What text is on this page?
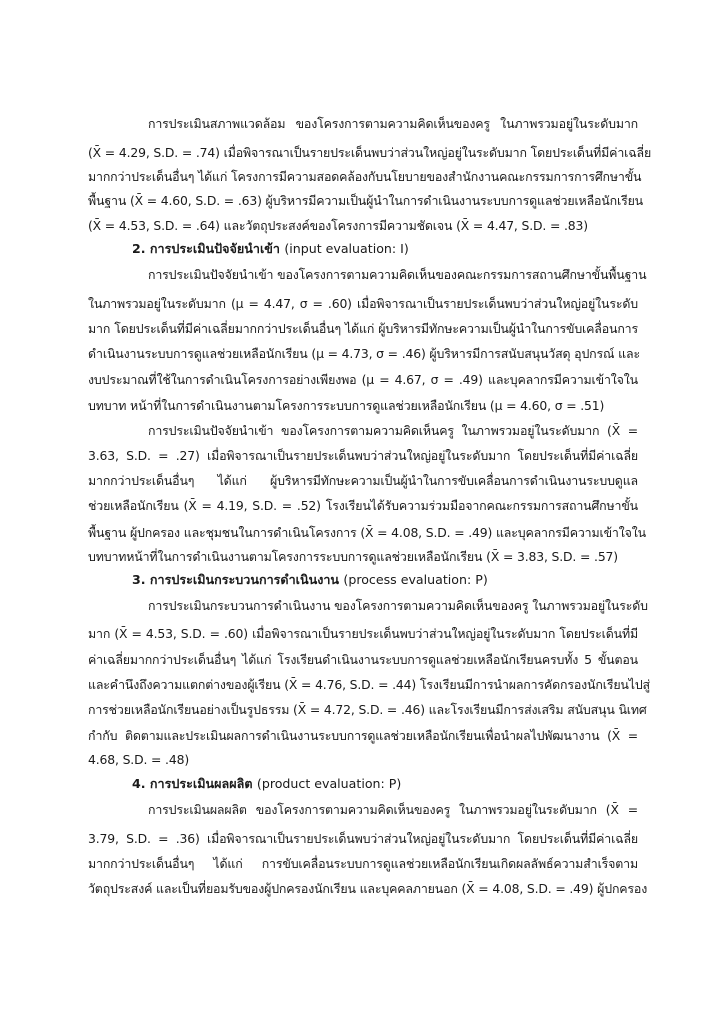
การประเมินสภาพแวดล้อม ของโครงการตามความคิดเห็นของครู ในภาพรวมอยู่ในระดับมาก
(X̄ = 4.29, S.D. = .74) เมื่อพิจารณาเป็นรายประเด็นพบว่าส่วนใหญ่อยู่ในระดับมาก โดยประเด็นที่มีค่าเฉลี่ย
มากกว่าประเด็นอื่นๆ ได้แก่ โครงการมีความสอดคล้องกับนโยบายของสำนักงานคณะกรรมการการศึกษาขั้น
พื้นฐาน (X̄ = 4.60, S.D. = .63) ผู้บริหารมีความเป็นผู้นำในการดำเนินงานระบบการดูแลช่วยเหลือนักเรียน
(X̄ = 4.53, S.D. = .64) และวัตถุประสงค์ของโครงการมีความชัดเจน (X̄ = 4.47, S.D. = .83)
2. การประเมินปัจจัยนำเข้า (input evaluation: I)
การประเมินปัจจัยนำเข้า ของโครงการตามความคิดเห็นของคณะกรรมการสถานศึกษาขั้นพื้นฐาน
ในภาพรวมอยู่ในระดับมาก (μ = 4.47, σ = .60) เมื่อพิจารณาเป็นรายประเด็นพบว่าส่วนใหญ่อยู่ในระดับ
มาก โดยประเด็นที่มีค่าเฉลี่ยมากกว่าประเด็นอื่นๆ ได้แก่ ผู้บริหารมีทักษะความเป็นผู้นำในการขับเคลื่อนการ
ดำเนินงานระบบการดูแลช่วยเหลือนักเรียน (μ = 4.73, σ = .46) ผู้บริหารมีการสนับสนุนวัสดุ อุปกรณ์ และ
งบประมาณที่ใช้ในการดำเนินโครงการอย่างเพียงพอ (μ = 4.67, σ = .49) และบุคลากรมีความเข้าใจใน
บทบาท หน้าที่ในการดำเนินงานตามโครงการระบบการดูแลช่วยเหลือนักเรียน (μ = 4.60, σ = .51)
การประเมินปัจจัยนำเข้า ของโครงการตามความคิดเห็นครู ในภาพรวมอยู่ในระดับมาก (X̄ =
3.63, S.D. = .27) เมื่อพิจารณาเป็นรายประเด็นพบว่าส่วนใหญ่อยู่ในระดับมาก โดยประเด็นที่มีค่าเฉลี่ย
มากกว่าประเด็นอื่นๆ ได้แก่ ผู้บริหารมีทักษะความเป็นผู้นำในการขับเคลื่อนการดำเนินงานระบบดูแล
ช่วยเหลือนักเรียน (X̄ = 4.19, S.D. = .52) โรงเรียนได้รับความร่วมมือจากคณะกรรมการสถานศึกษาขั้น
พื้นฐาน ผู้ปกครอง และชุมชนในการดำเนินโครงการ (X̄ = 4.08, S.D. = .49) และบุคลากรมีความเข้าใจใน
บทบาทหน้าที่ในการดำเนินงานตามโครงการระบบการดูแลช่วยเหลือนักเรียน (X̄ = 3.83, S.D. = .57)
3. การประเมินกระบวนการดำเนินงาน (process evaluation: P)
การประเมินกระบวนการดำเนินงาน ของโครงการตามความคิดเห็นของครู ในภาพรวมอยู่ในระดับ
มาก (X̄ = 4.53, S.D. = .60) เมื่อพิจารณาเป็นรายประเด็นพบว่าส่วนใหญ่อยู่ในระดับมาก โดยประเด็นที่มี
ค่าเฉลี่ยมากกว่าประเด็นอื่นๆ ได้แก่ โรงเรียนดำเนินงานระบบการดูแลช่วยเหลือนักเรียนครบทั้ง 5 ขั้นตอน
และคำนึงถึงความแตกต่างของผู้เรียน (X̄ = 4.76, S.D. = .44) โรงเรียนมีการนำผลการคัดกรองนักเรียนไปสู่
การช่วยเหลือนักเรียนอย่างเป็นรูปธรรม (X̄ = 4.72, S.D. = .46) และโรงเรียนมีการส่งเสริม สนับสนุน นิเทศ
กำกับ ติดตามและประเมินผลการดำเนินงานระบบการดูแลช่วยเหลือนักเรียนเพื่อนำผลไปพัฒนางาน (X̄ =
4.68, S.D. = .48)
4. การประเมินผลผลิต (product evaluation: P)
การประเมินผลผลิต ของโครงการตามความคิดเห็นของครู ในภาพรวมอยู่ในระดับมาก (X̄ =
3.79, S.D. = .36) เมื่อพิจารณาเป็นรายประเด็นพบว่าส่วนใหญ่อยู่ในระดับมาก โดยประเด็นที่มีค่าเฉลี่ย
มากกว่าประเด็นอื่นๆ ได้แก่ การขับเคลื่อนระบบการดูแลช่วยเหลือนักเรียนเกิดผลลัพธ์ความสำเร็จตาม
วัตถุประสงค์ และเป็นที่ยอมรับของผู้ปกครองนักเรียน และบุคคลภายนอก (X̄ = 4.08, S.D. = .49) ผู้ปกครอง
